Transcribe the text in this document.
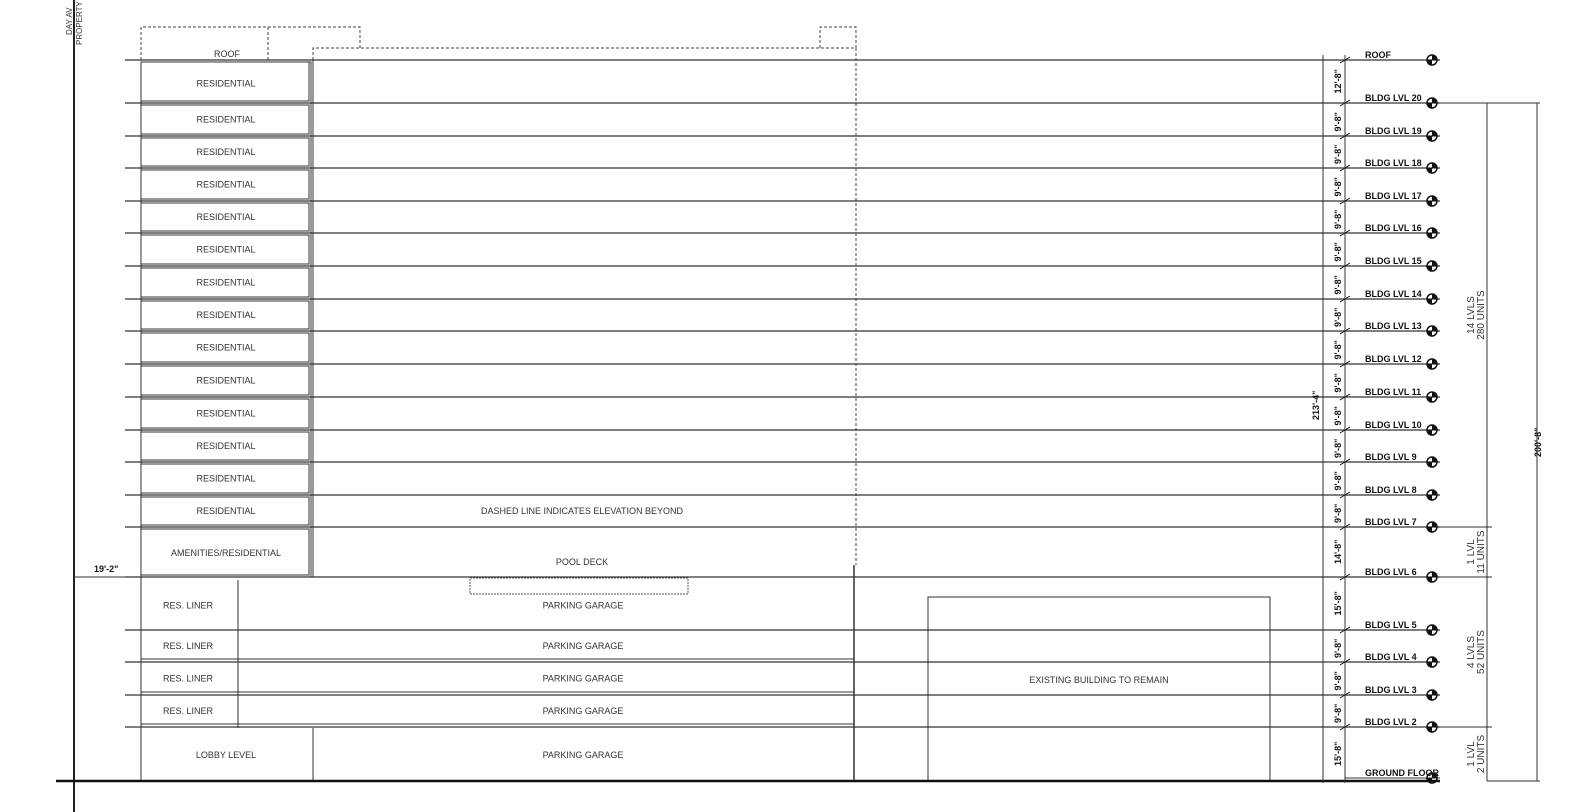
DAY AV PROPERTY
ROOF
EXISTING BUILDING TO REMAIN
RESIDENTIAL
RESIDENTIAL
RESIDENTIAL
RESIDENTIAL
RESIDENTIAL
RESIDENTIAL
RESIDENTIAL
RESIDENTIAL
RESIDENTIAL
RESIDENTIAL
RESIDENTIAL
RESIDENTIAL
RESIDENTIAL
RESIDENTIAL
AMENITIES/RESIDENTIAL
RES. LINER	PARKING GARAGE
RES. LINER	PARKING GARAGE
RES. LINER	PARKING GARAGE
RES. LINER	PARKING GARAGE
LOBBY LEVEL	PARKING GARAGE
ROOF
BLDG LVL 20
BLDG LVL 19
BLDG LVL 18
BLDG LVL 17
BLDG LVL 16
BLDG LVL 15
BLDG LVL 14
BLDG LVL 13
BLDG LVL 12
BLDG LVL 11
BLDG LVL 10
BLDG LVL 9
BLDG LVL 8
BLDG LVL 7
BLDG LVL 6
BLDG LVL 5
BLDG LVL 4
BLDG LVL 3
BLDG LVL 2
GROUND FLOOR
12'-8"
9'-8"
9'-8"
9'-8"
9'-8"
9'-8"
9'-8"
9'-8"
9'-8"
9'-8"
9'-8"
9'-8"
9'-8"
9'-8"
14'-8"
15'-8"
9'-8"
9'-8"
9'-8"
15'-8"
19'-2"
DASHED LINE INDICATES ELEVATION BEYOND
POOL DECK
213'-4"
200'-8"
14 LVLS 280 UNITS
1 LVL 11 UNITS
4 LVLS 52 UNITS
1 LVL 2 UNITS
